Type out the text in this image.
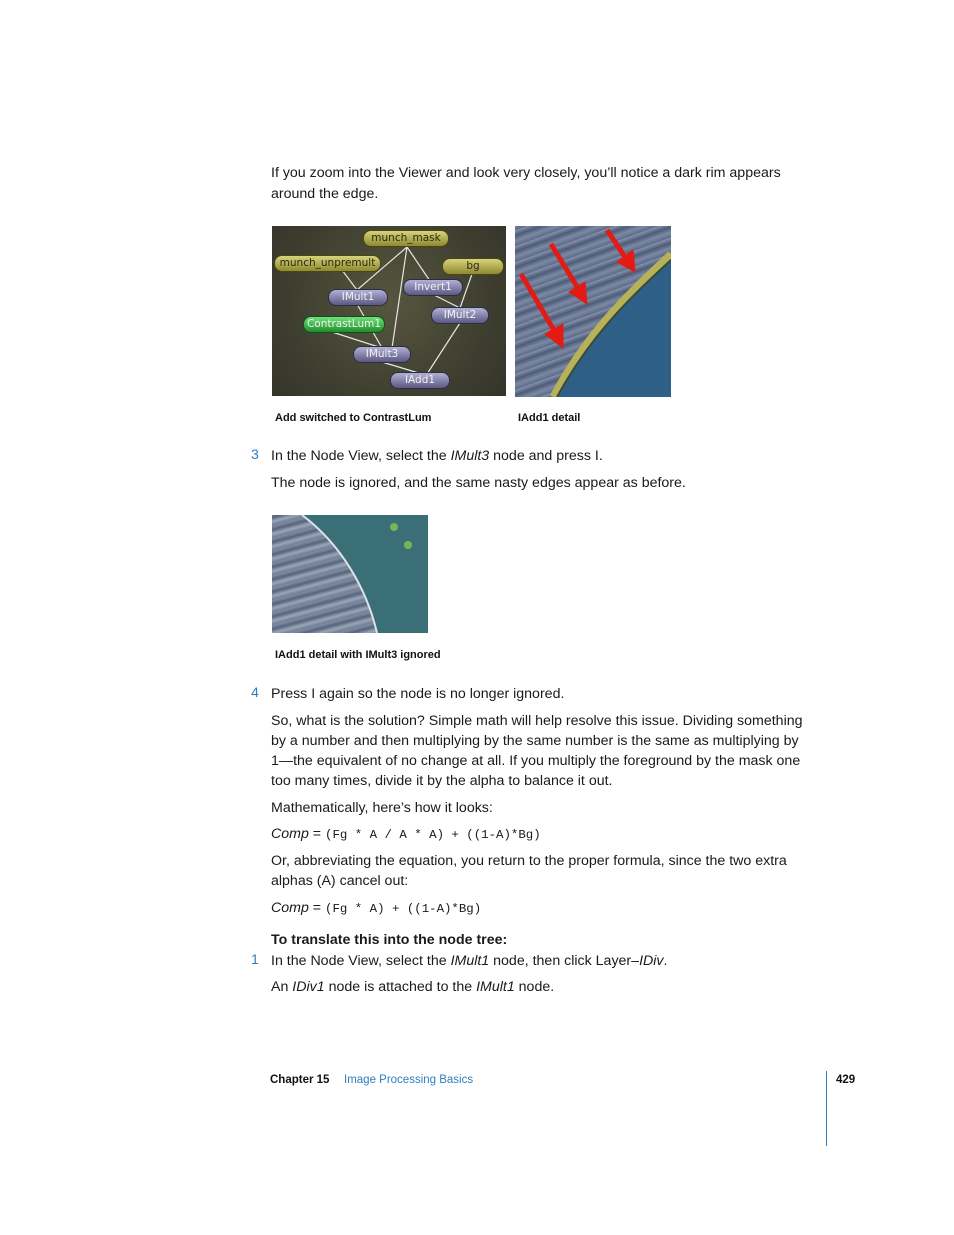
If you zoom into the Viewer and look very closely, you’ll notice a dark rim appears
around the edge.
munch_mask
munch_unpremult	bg
Invert1
IMult1
IMult2
ContrastLum1
IMult3
IAdd1
Add switched to ContrastLum	IAdd1 detail
3 In the Node View, select the IMult3 node and press I.
The node is ignored, and the same nasty edges appear as before.
IAdd1 detail with IMult3 ignored
4 Press I again so the node is no longer ignored.
So, what is the solution? Simple math will help resolve this issue. Dividing something
by a number and then multiplying by the same number is the same as multiplying by
1—the equivalent of no change at all. If you multiply the foreground by the mask one
too many times, divide it by the alpha to balance it out.
Mathematically, here’s how it looks:
Comp = (Fg * A / A * A) + ((1-A)*Bg)
Or, abbreviating the equation, you return to the proper formula, since the two extra
alphas (A) cancel out:
Comp = (Fg * A) + ((1-A)*Bg)
To translate this into the node tree:
1 In the Node View, select the IMult1 node, then click Layer–IDiv.
An IDiv1 node is attached to the IMult1 node.
Chapter 15 Image Processing Basics	429
